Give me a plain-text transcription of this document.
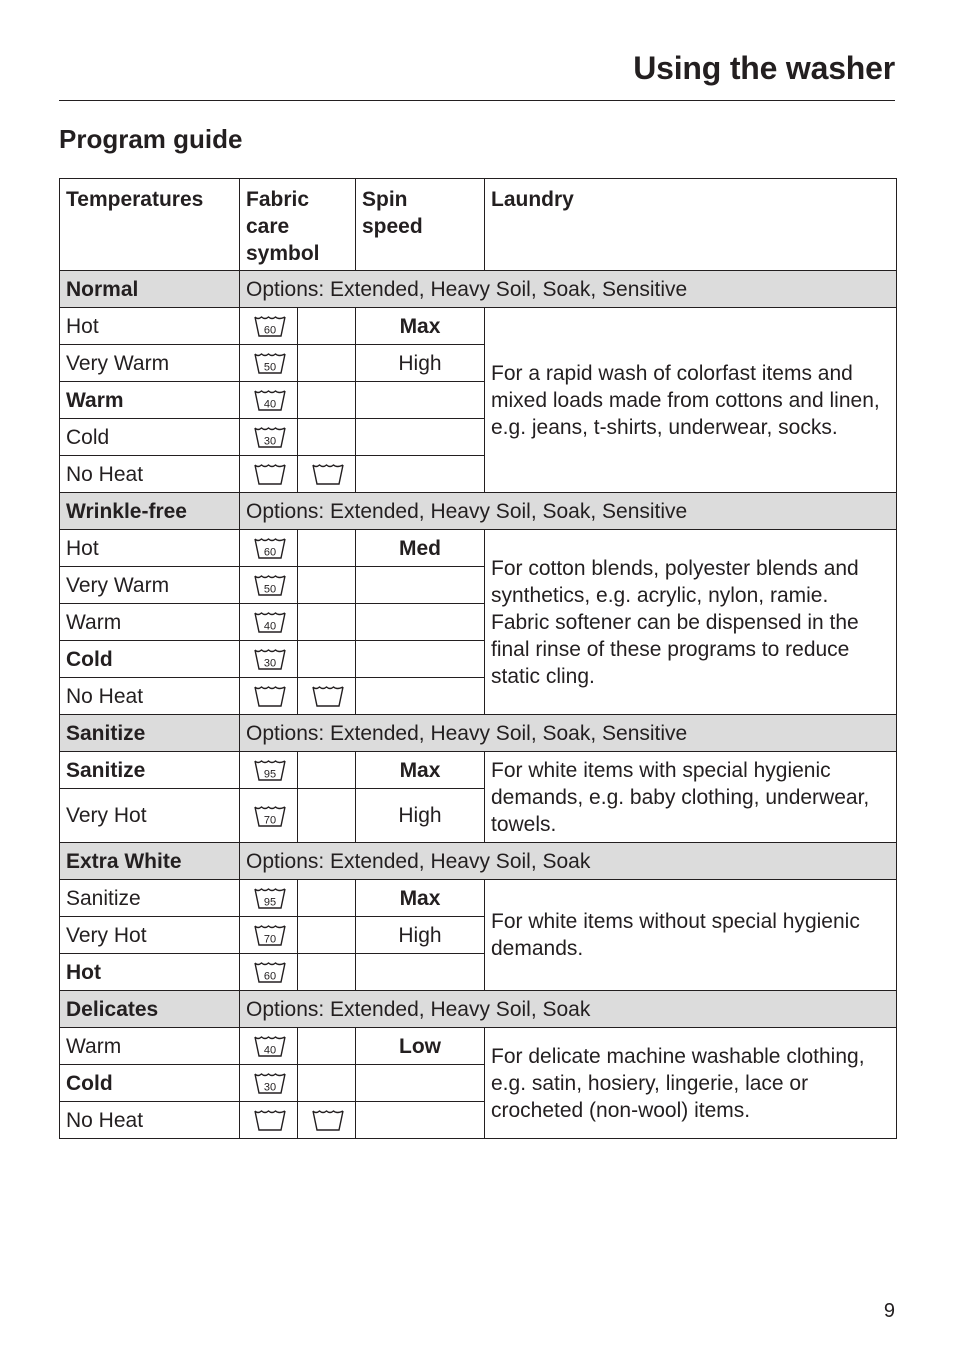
Using the washer
Program guide
Temperatures	Fabric
care
symbol		Spin
speed	Laundry
Normal	Options: Extended, Heavy Soil, Soak, Sensitive			
Hot	60		Max	For a rapid wash of colorfast items and mixed loads made from cottons and linen, e.g. jeans, t-shirts, underwear, socks.
Very Warm	50		High	
Warm	40			

Cold	30			

No Heat	

Wrinkle-free	Options: Extended, Heavy Soil, Soak, Sensitive			
Hot	60		Med	For cotton blends, polyester blends and synthetics, e.g. acrylic, nylon, ramie. Fabric softener can be dispensed in the final rinse of these programs to reduce static cling.
Very Warm	50			

Warm	40			

Cold	30			

No Heat	

Sanitize	Options: Extended, Heavy Soil, Soak, Sensitive			
Sanitize	95		Max	For white items with special hygienic demands, e.g. baby clothing, underwear, towels.
Very Hot	70		High	
Extra White	Options: Extended, Heavy Soil, Soak			
Sanitize	95		Max	For white items without special hygienic demands.
Very Hot	70		High	
Hot	60			

Delicates	Options: Extended, Heavy Soil, Soak			
Warm	40		Low	For delicate machine washable clothing, e.g. satin, hosiery, lingerie, lace or crocheted (non-wool) items.
Cold	30			

No Heat	

9
